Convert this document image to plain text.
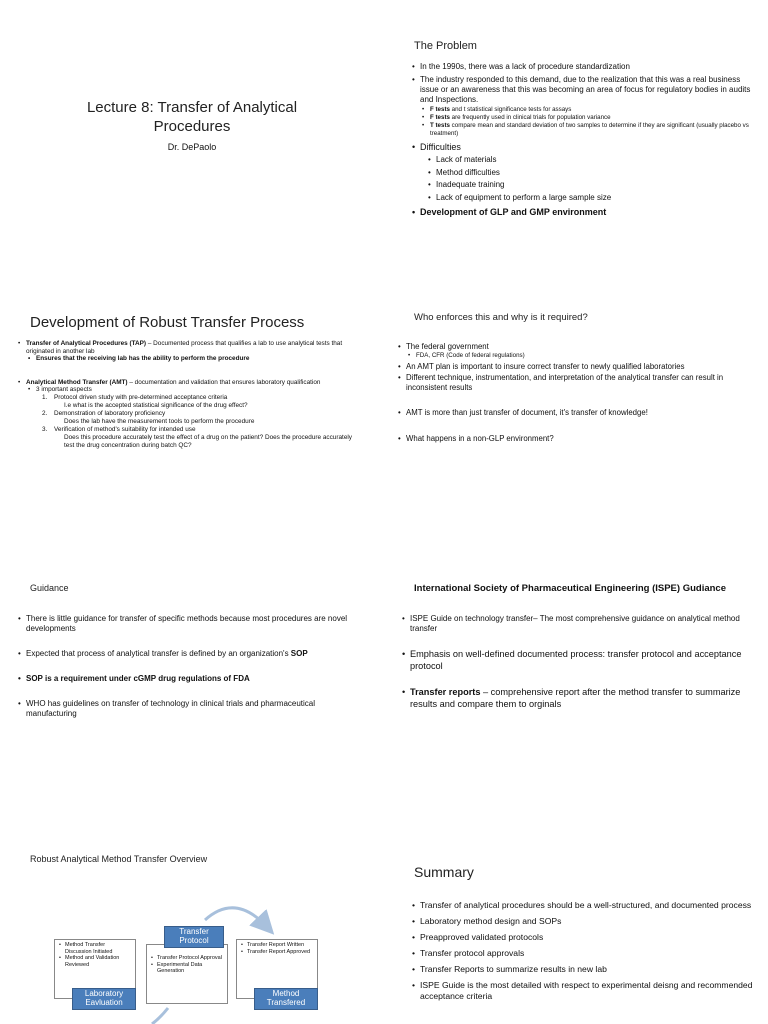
Lecture 8: Transfer of Analytical
Procedures
Dr. DePaolo
The Problem
• In the 1990s, there was a lack of procedure standardization
• The industry responded to this demand, due to the realization that this was a real business issue or an awareness that this was becoming an area of focus for regulatory bodies in audits and Inspections.
• F tests and t statistical significance tests for assays
• F tests are frequently used in clinical trials for population variance
• T tests compare mean and standard deviation of two samples to determine if they are significant (usually placebo vs treatment)
• Difficulties
• Lack of materials
• Method difficulties
• Inadequate training
• Lack of equipment to perform a large sample size
• Development of GLP and GMP environment
Development of Robust Transfer Process
• Transfer of Analytical Procedures (TAP) – Documented process that qualifies a lab to use analytical tests that originated in another lab
• Ensures that the receiving lab has the ability to perform the procedure
• Analytical Method Transfer (AMT) – documentation and validation that ensures laboratory qualification
• 3 important aspects
1. Protocol driven study with pre-determined acceptance criteria
I.e what is the accepted statistical significance of the drug effect?
2. Demonstration of laboratory proficiency
Does the lab have the measurement tools to perform the procedure
3. Verification of method's suitability for intended use
Does this procedure accurately test the effect of a drug on the patient? Does the procedure accurately test the drug concentration during batch QC?
Who enforces this and why is it required?
• The federal government
• FDA, CFR (Code of federal regulations)
• An AMT plan is important to insure correct transfer to newly qualified laboratories
• Different technique, instrumentation, and interpretation of the analytical transfer can result in inconsistent results
• AMT is more than just transfer of document, it's transfer of knowledge!
• What happens in a non-GLP environment?
Guidance
• There is little guidance for transfer of specific methods because most procedures are novel developments
• Expected that process of analytical transfer is defined by an organization's SOP
• SOP is a requirement under cGMP drug regulations of FDA
• WHO has guidelines on transfer of technology in clinical trials and pharmaceutical manufacturing
International Society of Pharmaceutical Engineering (ISPE) Gudiance
• ISPE Guide on technology transfer– The most comprehensive guidance on analytical method transfer
• Emphasis on well-defined documented process: transfer protocol and acceptance protocol
• Transfer reports – comprehensive report after the method transfer to summarize results and compare them to orginals
Robust Analytical Method Transfer Overview
• Method Transfer Discussion Initiated
• Method and Validation Reviewed
Laboratory
Eavluation
• Transfer Protocol Approval
• Experimental Data Generation
Transfer
Protocol
•	Transfer Report Written
• Transfer Report Approved
Method
Transfered
Summary
• Transfer of analytical procedures should be a well-structured, and documented process
• Laboratory method design and SOPs
• Preapproved validated protocols
• Transfer protocol approvals
• Transfer Reports to summarize results in new lab
• ISPE Guide is the most detailed with respect to experimental deisng and recommended acceptance criteria
